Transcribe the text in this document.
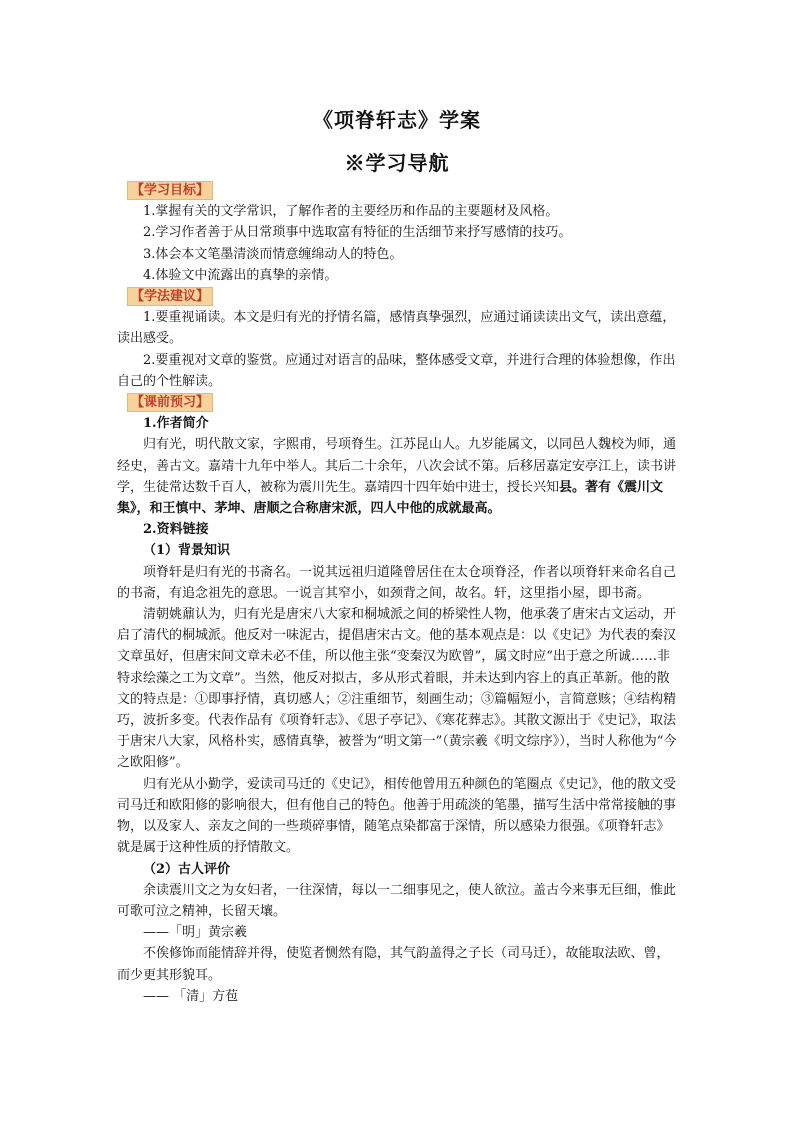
《项脊轩志》学案
※学习导航
【学习目标】

1.掌握有关的文学常识，了解作者的主要经历和作品的主要题材及风格。

2.学习作者善于从日常琐事中选取富有特征的生活细节来抒写感情的技巧。

3.体会本文笔墨清淡而情意缠绵动人的特色。

4.体验文中流露出的真挚的亲情。

【学法建议】

1.要重视诵读。本文是归有光的抒情名篇，感情真挚强烈，应通过诵读读出文气，读出意蕴，读出感受。

2.要重视对文章的鉴赏。应通过对语言的品味，整体感受文章，并进行合理的体验想像，作出自己的个性解读。

【课前预习】

1.作者简介

归有光，明代散文家，字熙甫，号项脊生。江苏昆山人。九岁能属文，以同邑人魏校为师，通经史，善古文。嘉靖十九年中举人。其后二十余年，八次会试不第。后移居嘉定安亭江上，读书讲学，生徒常达数千百人，被称为震川先生。嘉靖四十四年始中进士，授长兴知县。著有《震川文集》，和王慎中、茅坤、唐顺之合称唐宋派，四人中他的成就最高。

2.资料链接

（1）背景知识

项脊轩是归有光的书斋名。一说其远祖归道隆曾居住在太仓项脊泾，作者以项脊轩来命名自己的书斋，有追念祖先的意思。一说言其窄小，如颈背之间，故名。轩，这里指小屋，即书斋。

清朝姚鼐认为，归有光是唐宋八大家和桐城派之间的桥梁性人物，他承袭了唐宋古文运动，开启了清代的桐城派。他反对一味泥古，提倡唐宋古文。他的基本观点是：以《史记》为代表的秦汉文章虽好，但唐宋间文章未必不佳，所以他主张“变秦汉为欧曾”，属文时应“出于意之所诚……非特求绘藻之工为文章”。当然，他反对拟古，多从形式着眼，并未达到内容上的真正革新。他的散文的特点是：①即事抒情，真切感人；②注重细节，刻画生动；③篇幅短小，言简意赅；④结构精巧，波折多变。代表作品有《项脊轩志》、《思子亭记》、《寒花葬志》。其散文源出于《史记》，取法于唐宋八大家，风格朴实，感情真挚，被誉为“明文第一”（黄宗羲《明文综序》），当时人称他为“今之欧阳修”。

归有光从小勤学，爱读司马迁的《史记》，相传他曾用五种颜色的笔圈点《史记》，他的散文受司马迁和欧阳修的影响很大，但有他自己的特色。他善于用疏淡的笔墨，描写生活中常常接触的事物，以及家人、亲友之间的一些琐碎事情，随笔点染都富于深情，所以感染力很强。《项脊轩志》就是属于这种性质的抒情散文。

（2）古人评价

余读震川文之为女妇者，一往深情，每以一二细事见之，使人欲泣。盖古今来事无巨细，惟此可歌可泣之精神，长留天壤。

——「明」黄宗羲

不俟修饰而能情辞并得，使览者恻然有隐，其气韵盖得之子长（司马迁），故能取法欧、曾，而少更其形貌耳。

—— 「清」方苞
